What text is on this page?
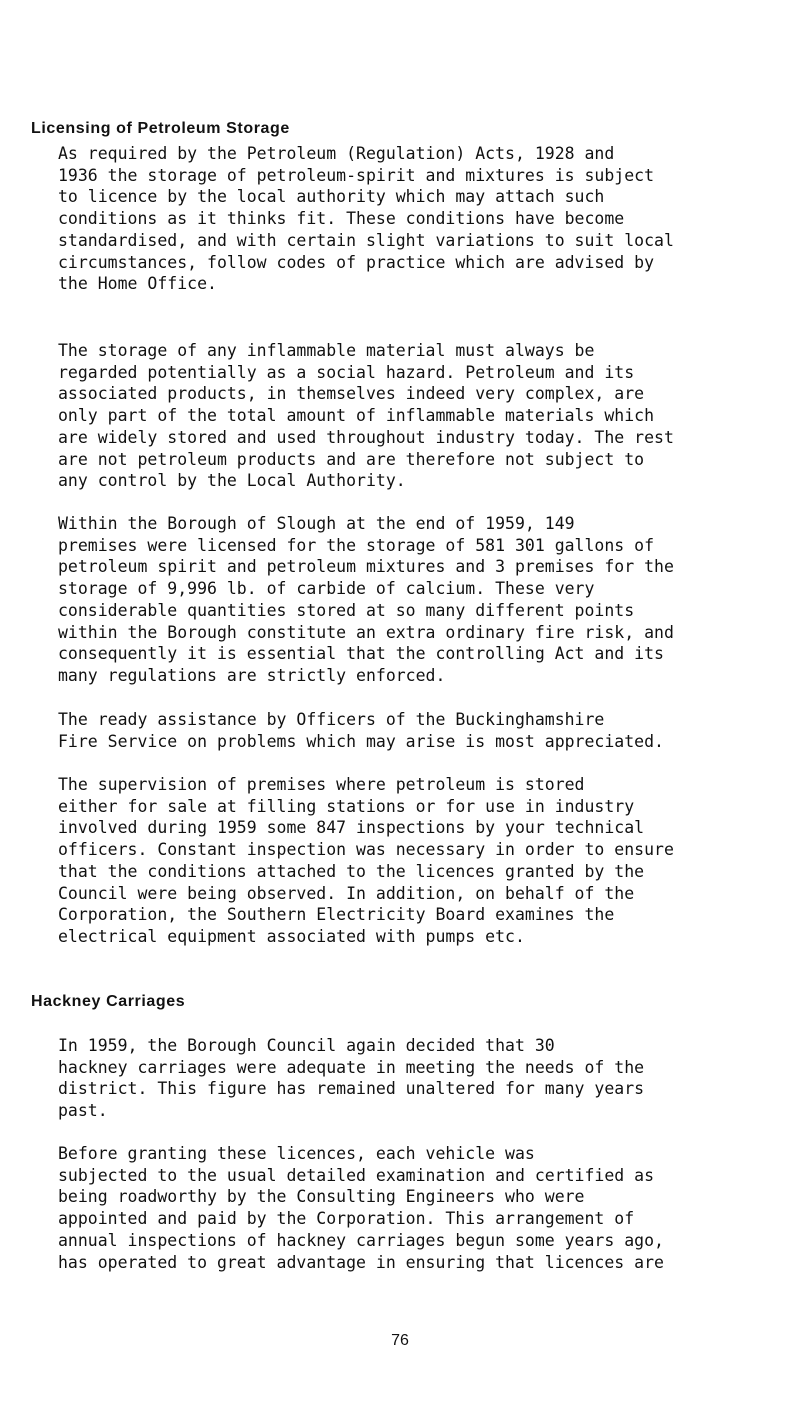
Licensing of Petroleum Storage

As required by the Petroleum (Regulation) Acts, 1928 and
1936 the storage of petroleum-spirit and mixtures is subject
to licence by the local authority which may attach such
conditions as it thinks fit. These conditions have become
standardised, and with certain slight variations to suit local
circumstances, follow codes of practice which are advised by
the Home Office.

The storage of any inflammable material must always be
regarded potentially as a social hazard. Petroleum and its
associated products, in themselves indeed very complex, are
only part of the total amount of inflammable materials which
are widely stored and used throughout industry today. The rest
are not petroleum products and are therefore not subject to
any control by the Local Authority.

Within the Borough of Slough at the end of 1959, 149
premises were licensed for the storage of 581 301 gallons of
petroleum spirit and petroleum mixtures and 3 premises for the
storage of 9,996 lb. of carbide of calcium. These very
considerable quantities stored at so many different points
within the Borough constitute an extra ordinary fire risk, and
consequently it is essential that the controlling Act and its
many regulations are strictly enforced.

The ready assistance by Officers of the Buckinghamshire
Fire Service on problems which may arise is most appreciated.

The supervision of premises where petroleum is stored
either for sale at filling stations or for use in industry
involved during 1959 some 847 inspections by your technical
officers. Constant inspection was necessary in order to ensure
that the conditions attached to the licences granted by the
Council were being observed. In addition, on behalf of the
Corporation, the Southern Electricity Board examines the
electrical equipment associated with pumps etc.

Hackney Carriages

In 1959, the Borough Council again decided that 30
hackney carriages were adequate in meeting the needs of the
district. This figure has remained unaltered for many years
past.

Before granting these licences, each vehicle was
subjected to the usual detailed examination and certified as
being roadworthy by the Consulting Engineers who were
appointed and paid by the Corporation. This arrangement of
annual inspections of hackney carriages begun some years ago,
has operated to great advantage in ensuring that licences are

76
